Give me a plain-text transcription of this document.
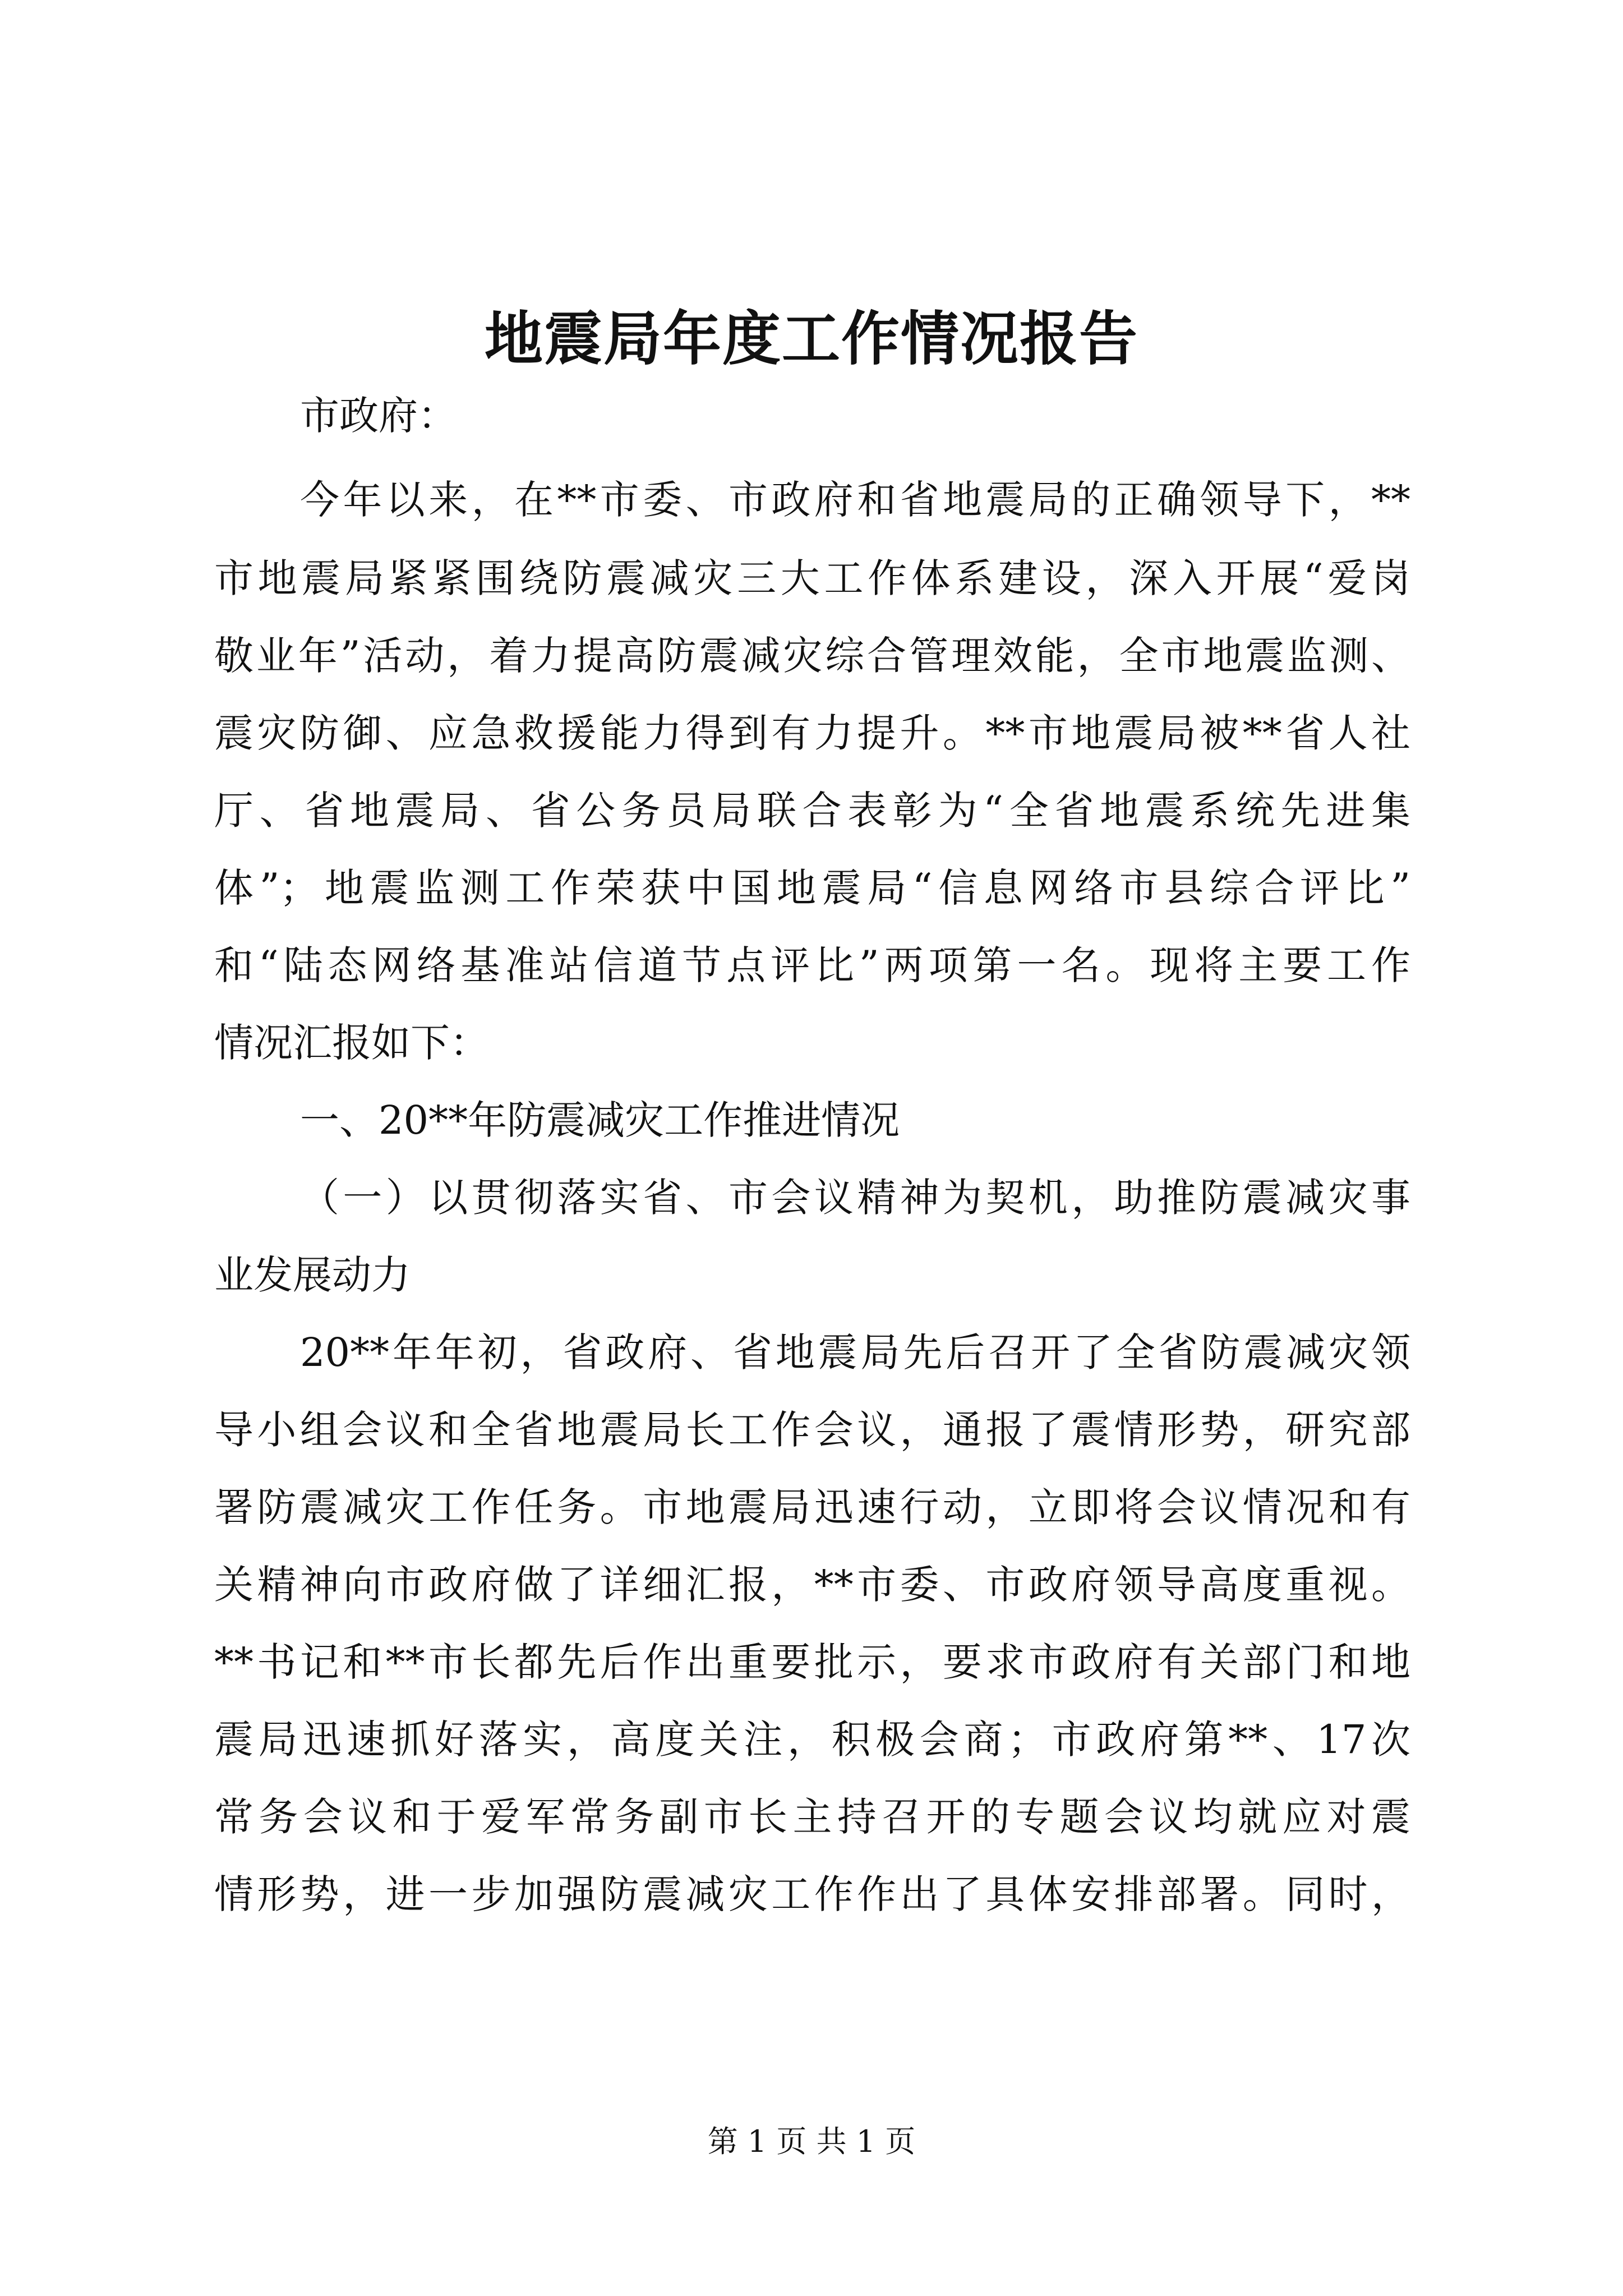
地震局年度工作情况报告

市政府：

今年以来，在**市委、市政府和省地震局的正确领导下，**

市地震局紧紧围绕防震减灾三大工作体系建设，深入开展“爱岗

敬业年”活动，着力提高防震减灾综合管理效能，全市地震监测、

震灾防御、应急救援能力得到有力提升。**市地震局被**省人社

厅、省地震局、省公务员局联合表彰为“全省地震系统先进集

体”；地震监测工作荣获中国地震局“信息网络市县综合评比”

和“陆态网络基准站信道节点评比”两项第一名。现将主要工作

情况汇报如下：

一、20**年防震减灾工作推进情况

（一）以贯彻落实省、市会议精神为契机，助推防震减灾事

业发展动力

20**年年初，省政府、省地震局先后召开了全省防震减灾领

导小组会议和全省地震局长工作会议，通报了震情形势，研究部

署防震减灾工作任务。市地震局迅速行动，立即将会议情况和有

关精神向市政府做了详细汇报，**市委、市政府领导高度重视。

**书记和**市长都先后作出重要批示，要求市政府有关部门和地

震局迅速抓好落实，高度关注，积极会商；市政府第**、17次

常务会议和于爱军常务副市长主持召开的专题会议均就应对震

情形势，进一步加强防震减灾工作作出了具体安排部署。同时，

第 1 页 共 1 页
